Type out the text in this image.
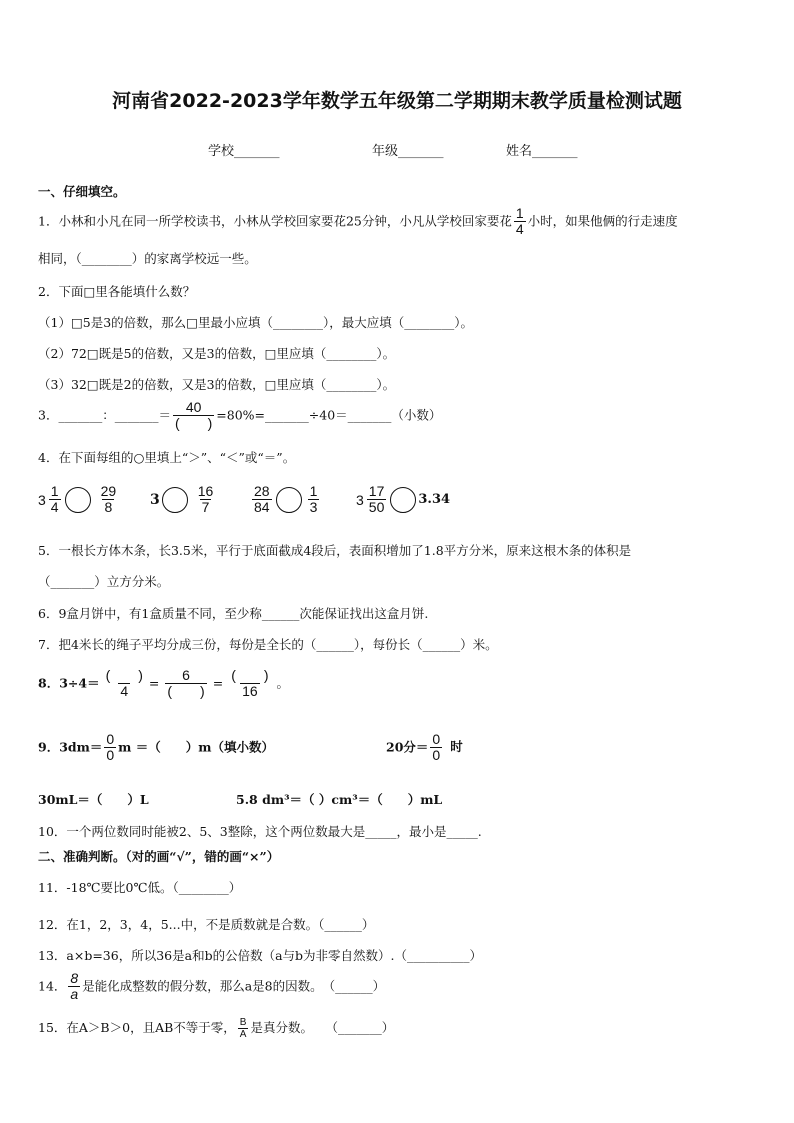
河南省2022-2023学年数学五年级第二学期期末教学质量检测试题
学校_______	年级_______	姓名_______
一、仔细填空。
1．小林和小凡在同一所学校读书，小林从学校回家要花25分钟，小凡从学校回家要花 $\frac{1}{4}$ 小时，如果他俩的行走速度
相同，（________）的家离学校远一些。
2．下面□里各能填什么数？
（1）□5是3的倍数，那么□里最小应填（________），最大应填（________）。
（2）72□既是5的倍数，又是3的倍数，□里应填（________）。
（3）32□既是2的倍数，又是3的倍数，□里应填（________）。
3．_______：_______＝ $\frac{40}{( )}$ =80%=_______÷40＝_______（小数）
4．在下面每组的○里填上“＞”、“＜”或“＝”。
$3 \frac{1}{4}$	$\frac{29}{8} 3$	$\frac{16}{7}$	$\frac{28}{84}$	$\frac{1}{3}$	$3 \frac{17}{50} 3.34$
5．一根长方体木条，长3.5米，平行于底面截成4段后，表面积增加了1.8平方分米，原来这根木条的体积是
（_______）立方分米。
6．9盒月饼中，有1盒质量不同，至少称______次能保证找出这盒月饼.
7．把4米长的绳子平均分成三份，每份是全长的（______），每份长（______）米。
8．$3\div 4= \frac{( )}{4} = \frac{6}{( )} = \frac{( )}{16}$ 。
9．$3dm= \frac{0}{0}$ m ＝（　　）m（填小数）	20分＝ $\frac{0}{0}$ 时
30mL＝（　　）L	5.8 dm³＝（ ）cm³＝（　　）mL
10．一个两位数同时能被2、5、3整除，这个两位数最大是_____，最小是_____.
二、准确判断。（对的画“√”，错的画“×”）
11．-18℃要比0℃低。（________）
12．在1，2，3，4，5...中，不是质数就是合数。（______）
13．a×b=36，所以36是a和b的公倍数（a与b为非零自然数）.（__________）
14． $\frac{8}{a}$ 是能化成整数的假分数，那么a是8的因数。　（______）
15．在A＞B＞0，且AB不等于零， $\frac{B}{A}$ 是真分数。　　（_______）
